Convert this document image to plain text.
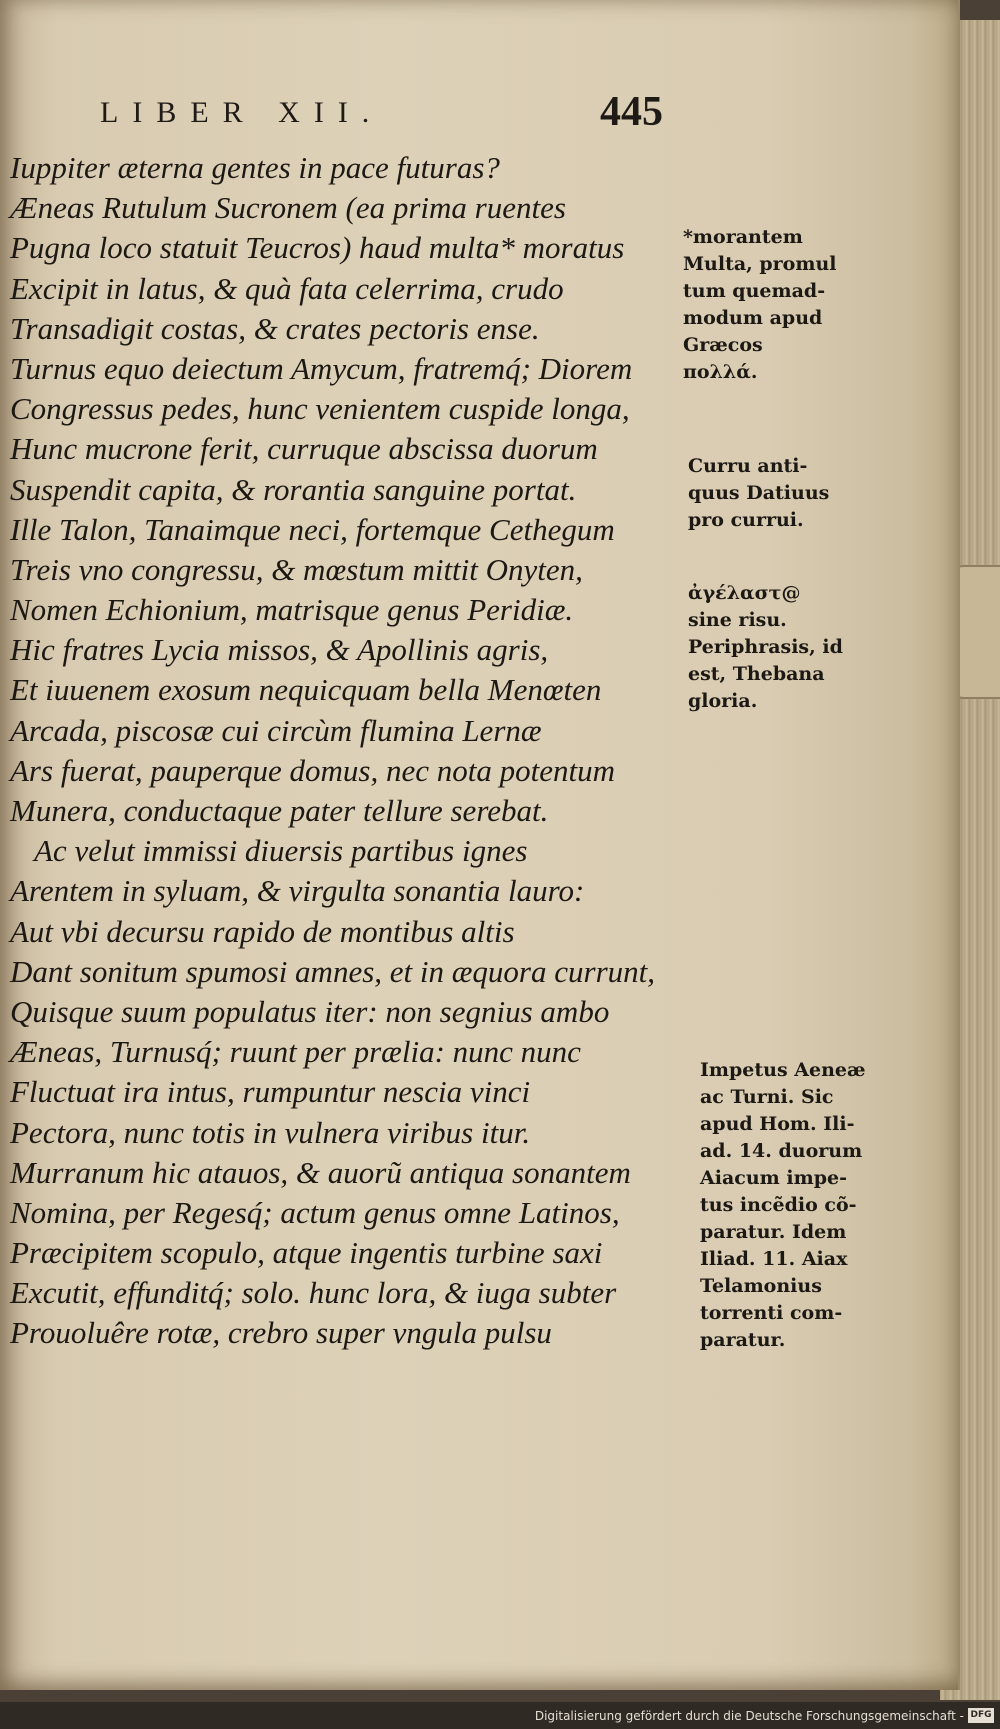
LIBER XII.	445
Iuppiter æterna gentes in pace futuras?
Æneas Rutulum Sucronem (ea prima ruentes
Pugna loco statuit Teucros) haud multa* moratus
Excipit in latus, & quà fata celerrima, crudo
Transadigit costas, & crates pectoris ense.
Turnus equo deiectum Amycum, fratremq́; Diorem
Congressus pedes, hunc venientem cuspide longa,
Hunc mucrone ferit, curruque abscissa duorum
Suspendit capita, & rorantia sanguine portat.
Ille Talon, Tanaimque neci, fortemque Cethegum
Treis vno congressu, & mœstum mittit Onyten,
Nomen Echionium, matrisque genus Peridiæ.
Hic fratres Lycia missos, & Apollinis agris,
Et iuuenem exosum nequicquam bella Menœten
Arcada, piscosæ cui circùm flumina Lernæ
Ars fuerat, pauperque domus, nec nota potentum
Munera, conductaque pater tellure serebat.
Ac velut immissi diuersis partibus ignes
Arentem in syluam, & virgulta sonantia lauro:
Aut vbi decursu rapido de montibus altis
Dant sonitum spumosi amnes, et in æquora currunt,
Quisque suum populatus iter: non segnius ambo
Æneas, Turnusq́; ruunt per prælia: nunc nunc
Fluctuat ira intus, rumpuntur nescia vinci
Pectora, nunc totis in vulnera viribus itur.
Murranum hic atauos, & auorũ antiqua sonantem
Nomina, per Regesq́; actum genus omne Latinos,
Præcipitem scopulo, atque ingentis turbine saxi
Excutit, effunditq́; solo. hunc lora, & iuga subter
Prouoluêre rotæ, crebro super vngula pulsu

*morantem
Multa, promul
tum quemad-
modum apud
Græcos
πολλά.

Curru anti-
quus Datiuus
pro currui.

ἀγέλαστ@
sine risu.
Periphrasis, id
est, Thebana
gloria.

Impetus Aeneæ
ac Turni. Sic
apud Hom. Ili-
ad. 14. duorum
Aiacum impe-
tus incẽdio cõ-
paratur. Idem
Iliad. 11. Aiax
Telamonius
torrenti com-
paratur.

Digitalisierung gefördert durch die Deutsche Forschungsgemeinschaft - DFG
